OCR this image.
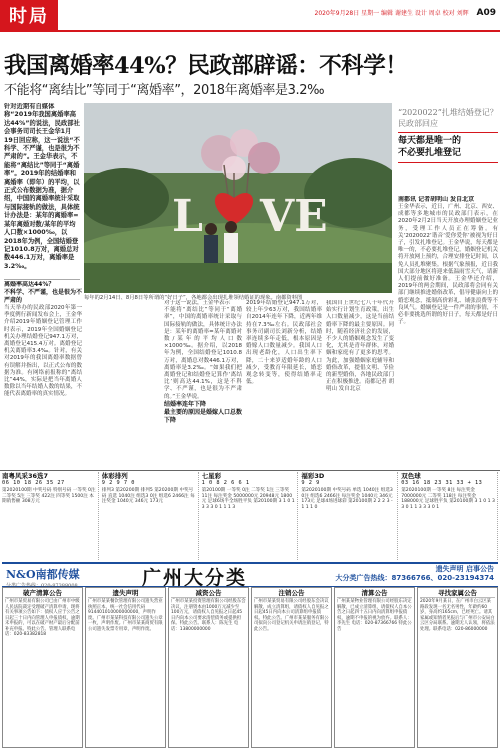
时局	2020年9月28日 星期一 编辑 谢建生 设计 周卓 校对 刘辉 A09
我国离婚率44%？民政部辟谣：不科学！
不能将“离结比”等同于“离婚率”，2018年离婚率是3.2‰
针对近期有自媒体称“2019年我国离婚率高达44%”的说法，民政部社会事务司司长王金华1月19日回应称，这一说法“不科学、不严谨，也是很为不严肃的”。王金华表示，不能将“离结比”等同于“离婚率”。2019年的结婚率和离婚率（即年）的平均，以正式公布数据为准，据介绍，中国的离婚率统计采取与国际接轨的做法，具体统计办法是：某年的离婚率=某年离婚对数/某年的平均人口数×1000‰，以2018年为例，全国结婚登记1010.8万对，离婚总对数446.1万对，离婚率是3.2‰。
L VE
每年的2月14日、8月8日等所谓的“好日子”，各地都会出现扎堆领结婚证的现象。南都资料图
“2020022”扎堆结婚登记？
民政部回应
每天都是唯一的
不必要扎堆登记
南都讯 记者胡明山 发自北京
王金华表示，近日，广州、北京、西安、成都等多地城市的民政部门表示，在2020年2月2日当天开放办理婚姻登记业务，受理工作人员正在筹备。有关‘2020022’谐音‘爱你爱你’被视为好日子，引发扎堆登记。王金华说，每天都是唯一的，不必要扎堆登记，婚姻登记机关将开放网上预约，合理安排登记时间，以免人员扎堆聚集。根据气象预报，近日我国大部分地区将迎来低温雨雪天气，请新人们提前做好准备。王金华还介绍，2019年的两会期间，民政部将会同有关部门继续推进婚俗改革，倡导健康向上的婚恋观念，抵制高价彩礼、铺张浪费等不良风气。婚姻登记是一件严肃的事情，不必非要挑选所谓的好日子，每天都是好日子。
离婚率高达44%？
不科学、不严谨，也是很为不严肃的
当天举办的民政部2020年第一季度例行新闻发布会上，王金华介绍2019年婚姻登记管理工作时表示，2019年全国婚姻登记机关办理结婚登记947.1万对，离婚登记415.4万对。离婚登记机关离婚率3.4‰。针对，有关对2019年的我国离婚率数据曾有误解并指出，以正式公布的数据为准。有网络前报称的“离结比”44%，实际是把当年离婚人数除以当年结婚人数的结果，不能代表离婚率的真实情况。
对于这一说法，王金华表示
不能将“离结比”等同于“离婚率”，中国的离婚率统计采取与国际接轨的做法，具体统计办法是：某年的离婚率=某年离婚对数/某年的平均人口数×1000‰。据介绍，以2018年为例，全国结婚登记1010.8万对，离婚总对数446.1万对，离婚率是3.2‰。“如果我们把离婚登记和结婚登记算作‘离结比’则高达44.1%，这是不科学、不严谨，也是很为不严肃的。”王金华说。
结婚率连年下降
最主要的原因是婚嫁人口总数下降
2019年结婚登记947.1万对，较上年少63万对，我国结婚率自2014年连年下降，近两年维持在7.3‰左右。民政部社会事务司副司长刘新分析，结婚率连续多年走低，根本原因是婚嫁人口数量减少。我国人口出现老龄化，人口出生率下降，二十来岁适婚年龄的人口减少，受教育年限延长，婚恋观念转变等，使得结婚率走低。
我国自上世纪七八十年代开始实行计划生育政策，出生人口数量减少，这是当前结婚率下降的最主要原因。同时，随着经济社会的发展，不少人的婚姻观念发生了变化，尤其是青年群体，对婚姻和家庭有了更多的思考。为此，加强婚姻家庭辅导和婚俗改革，提倡文明、节俭的新型婚俗，各地民政部门正在积极推进。南都记者 胡明山 发自北京
南粤风采36选7
06 10 18 26 35 27
第2020100期 中奖号码 特别号码 一等奖 0注 二等奖 5注 三等奖 422注 四等奖 1500注 本期销售额 308万元
体彩排列
9 2 9 7 0
排列3 第20200期 排列5 第20200期 中奖号码 直选 1040注 组选3 0注 组选6 2466注 每注奖金 1040元 346元 173元
七星彩
1 0 8 2 6 6 1
第20100期 一等奖 0注 二等奖 1注 三等奖 11注 每注奖金 5000000元 20948元 1800元 足球6场半全场胜平负 第20100期 3 1 0 1 3 3 3 0 1 1 1 3
福彩3D
9 2 9
第2020100期 中奖号码 单选 1040注 组选3 0注 组选6 2466注 每注奖金 1040元 346元 173元 足球4场进球彩 第20100期 2 2 2 3 - 1 1 1 0
双色球
03 16 18 23 31 33 + 13
第2020100期 一等奖 8注 每注奖金 7000000元 二等奖 118注 每注奖金 188000元 足球胜平负 第20100期 3 1 0 1 3 3 0 1 1 3 3 3 0 1
N&O南都传媒
分类广告热线：020-87388008	广州大分类	遗失声明 启事公告
大分类广告热线：87366766、020-23194374
破产清算公告
广州市某贸易有限公司已由广州市中级人民法院裁定受理破产清算申请，现将有关事项公告如下：债权人应于公告之日起三十日内向管理人申报债权，逾期未申报的，可以在破产财产最后分配前补充申报。特此公告。管理人联系电话：020-83382818
遗失声明
广州市某某餐饮管理有限公司遗失营业执照正本，统一社会信用代码914401010000000000，声明作废。广州市某某科技有限公司遗失公章一枚，声明作废。广州市某某商贸有限公司遗失发票专用章，声明作废。
减资公告
广州市某某投资管理有限公司经股东会决议，注册资本由1000万元减少至100万元，请债权人自见报之日起45日内向本公司要求清偿债务或提供担保。特此公告。联系人：陈先生 电话：13800000000
注销公告
广州市某某贸易有限公司经股东会决议解散，成立清算组，请债权人自见报之日起45日内向本公司清算组申报债权。特此公告。广州市某某服务有限公司拟向公司登记机关申请注销登记，特此公告。
清算公告
广州某某物业管理有限公司经股东决定解散，已成立清算组，请债权人自本公告之日起四十五日内向清算组申报债权，逾期不申报的视为放弃。联系人：李先生 电话：020-87366766 特此公告
寻找家属公告
2020年9月某日，在广州市白云区某路段发现一名无名男性，年龄约60岁，身高约165cm，已经死亡。请其家属或知情者见报后与广州市公安局白云区分局联系。逾期无人认领，将依法处理。联系电话：020-86000000
